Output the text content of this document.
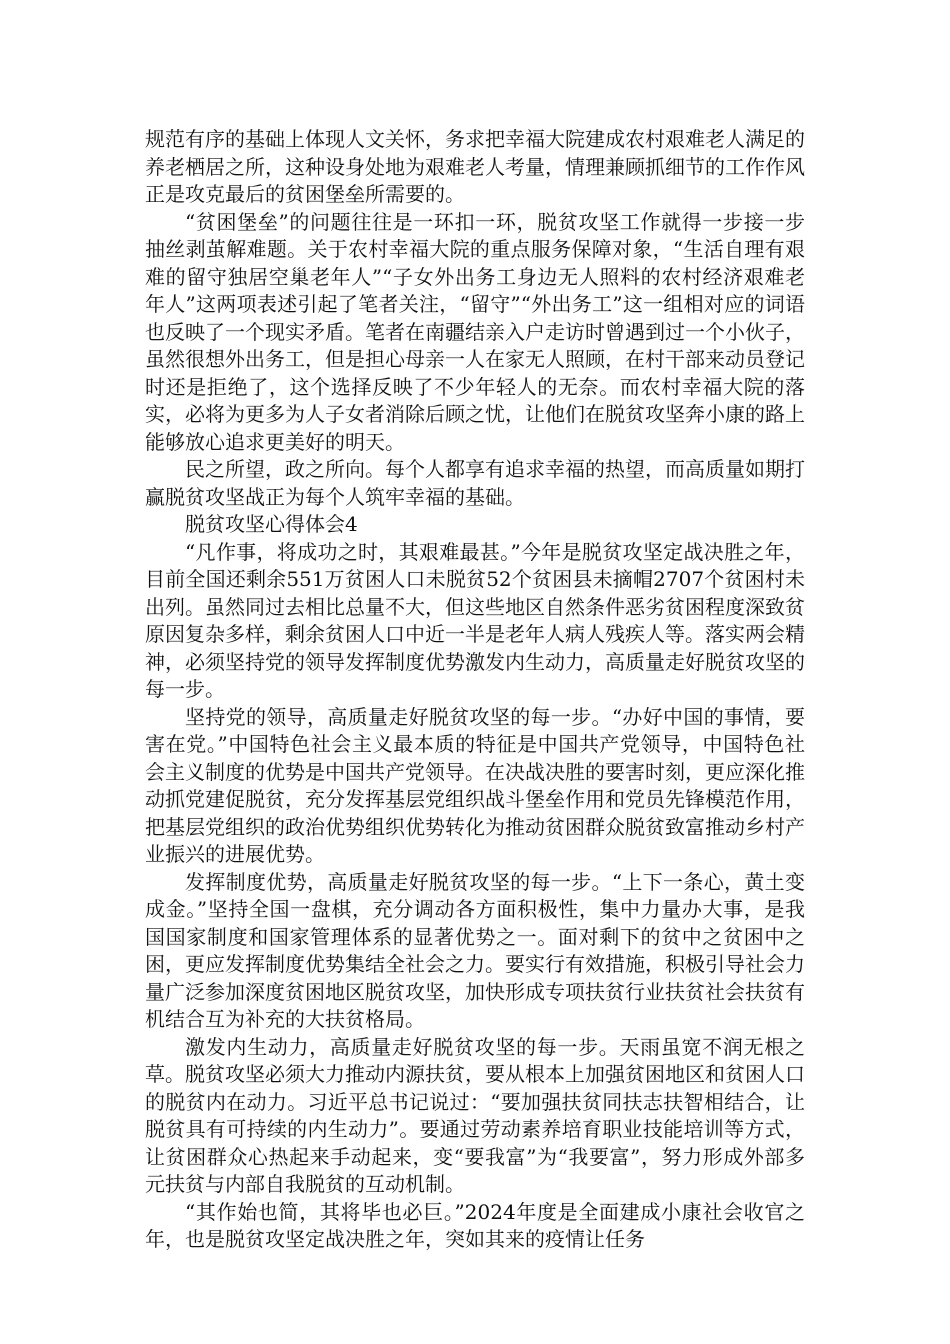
规范有序的基础上体现人文关怀，务求把幸福大院建成农村艰难老人满足的养老栖居之所，这种设身处地为艰难老人考量，情理兼顾抓细节的工作作风正是攻克最后的贫困堡垒所需要的。

“贫困堡垒”的问题往往是一环扣一环，脱贫攻坚工作就得一步接一步抽丝剥茧解难题。关于农村幸福大院的重点服务保障对象，“生活自理有艰难的留守独居空巢老年人”“子女外出务工身边无人照料的农村经济艰难老年人”这两项表述引起了笔者关注，“留守”“外出务工”这一组相对应的词语也反映了一个现实矛盾。笔者在南疆结亲入户走访时曾遇到过一个小伙子，虽然很想外出务工，但是担心母亲一人在家无人照顾，在村干部来动员登记时还是拒绝了，这个选择反映了不少年轻人的无奈。而农村幸福大院的落实，必将为更多为人子女者消除后顾之忧，让他们在脱贫攻坚奔小康的路上能够放心追求更美好的明天。

民之所望，政之所向。每个人都享有追求幸福的热望，而高质量如期打赢脱贫攻坚战正为每个人筑牢幸福的基础。

脱贫攻坚心得体会4

“凡作事，将成功之时，其艰难最甚。”今年是脱贫攻坚定战决胜之年，目前全国还剩余551万贫困人口未脱贫52个贫困县未摘帽2707个贫困村未出列。虽然同过去相比总量不大，但这些地区自然条件恶劣贫困程度深致贫原因复杂多样，剩余贫困人口中近一半是老年人病人残疾人等。落实两会精神，必须坚持党的领导发挥制度优势激发内生动力，高质量走好脱贫攻坚的每一步。

坚持党的领导，高质量走好脱贫攻坚的每一步。“办好中国的事情，要害在党。”中国特色社会主义最本质的特征是中国共产党领导，中国特色社会主义制度的优势是中国共产党领导。在决战决胜的要害时刻，更应深化推动抓党建促脱贫，充分发挥基层党组织战斗堡垒作用和党员先锋模范作用，把基层党组织的政治优势组织优势转化为推动贫困群众脱贫致富推动乡村产业振兴的进展优势。

发挥制度优势，高质量走好脱贫攻坚的每一步。“上下一条心，黄土变成金。”坚持全国一盘棋，充分调动各方面积极性，集中力量办大事，是我国国家制度和国家管理体系的显著优势之一。面对剩下的贫中之贫困中之困，更应发挥制度优势集结全社会之力。要实行有效措施，积极引导社会力量广泛参加深度贫困地区脱贫攻坚，加快形成专项扶贫行业扶贫社会扶贫有机结合互为补充的大扶贫格局。

激发内生动力，高质量走好脱贫攻坚的每一步。天雨虽宽不润无根之草。脱贫攻坚必须大力推动内源扶贫，要从根本上加强贫困地区和贫困人口的脱贫内在动力。习近平总书记说过：“要加强扶贫同扶志扶智相结合，让脱贫具有可持续的内生动力”。要通过劳动素养培育职业技能培训等方式，让贫困群众心热起来手动起来，变“要我富”为“我要富”，努力形成外部多元扶贫与内部自我脱贫的互动机制。

“其作始也简，其将毕也必巨。”2024年度是全面建成小康社会收官之年，也是脱贫攻坚定战决胜之年，突如其来的疫情让任务
